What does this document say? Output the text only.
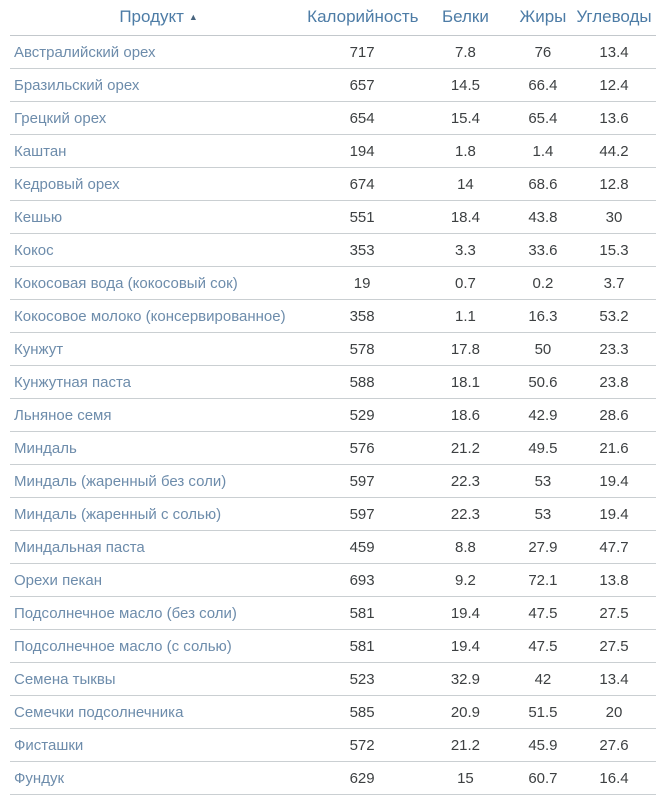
Продукт ▲	Калорийность	Белки	Жиры	Углеводы
Австралийский орех	717	7.8	76	13.4
Бразильский орех	657	14.5	66.4	12.4
Грецкий орех	654	15.4	65.4	13.6
Каштан	194	1.8	1.4	44.2
Кедровый орех	674	14	68.6	12.8
Кешью	551	18.4	43.8	30
Кокос	353	3.3	33.6	15.3
Кокосовая вода (кокосовый сок)	19	0.7	0.2	3.7
Кокосовое молоко (консервированное)	358	1.1	16.3	53.2
Кунжут	578	17.8	50	23.3
Кунжутная паста	588	18.1	50.6	23.8
Льняное семя	529	18.6	42.9	28.6
Миндаль	576	21.2	49.5	21.6
Миндаль (жаренный без соли)	597	22.3	53	19.4
Миндаль (жаренный с солью)	597	22.3	53	19.4
Миндальная паста	459	8.8	27.9	47.7
Орехи пекан	693	9.2	72.1	13.8
Подсолнечное масло (без соли)	581	19.4	47.5	27.5
Подсолнечное масло (с солью)	581	19.4	47.5	27.5
Семена тыквы	523	32.9	42	13.4
Семечки подсолнечника	585	20.9	51.5	20
Фисташки	572	21.2	45.9	27.6
Фундук	629	15	60.7	16.4
